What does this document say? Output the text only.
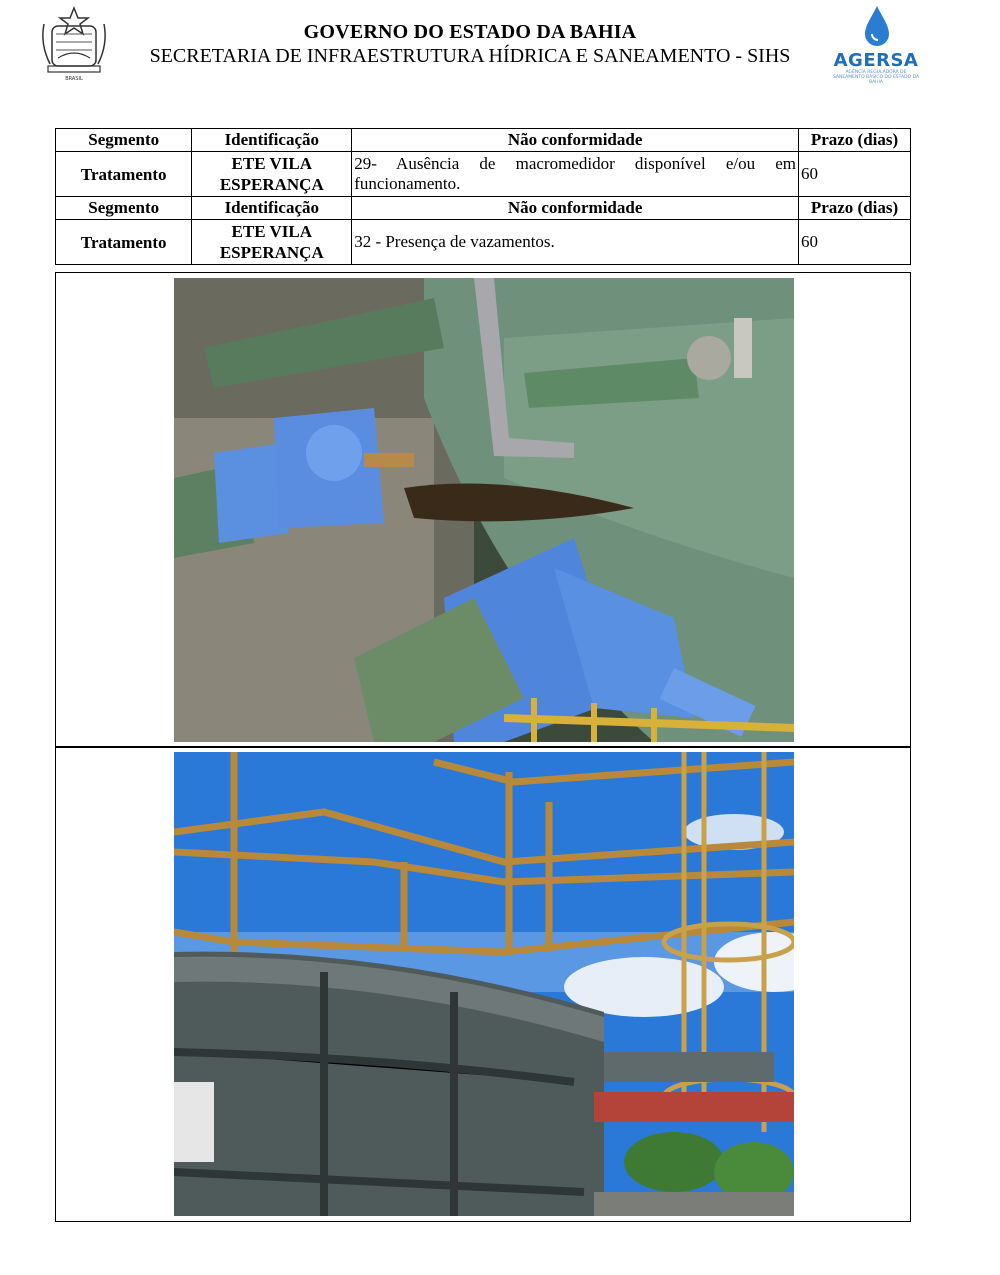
BRASIL
GOVERNO DO ESTADO DA BAHIA
SECRETARIA DE INFRAESTRUTURA HÍDRICA E SANEAMENTO - SIHS	AGERSA
AGÊNCIA REGULADORA DE SANEAMENTO BÁSICO DO ESTADO DA BAHIA
Segmento	Identificação	Não conformidade	Prazo (dias)
Tratamento	ETE VILA ESPERANÇA	29- Ausência de macromedidor disponível e/ou em funcionamento.	60
Segmento	Identificação	Não conformidade	Prazo (dias)
Tratamento	ETE VILA ESPERANÇA	32 - Presença de vazamentos.	60
